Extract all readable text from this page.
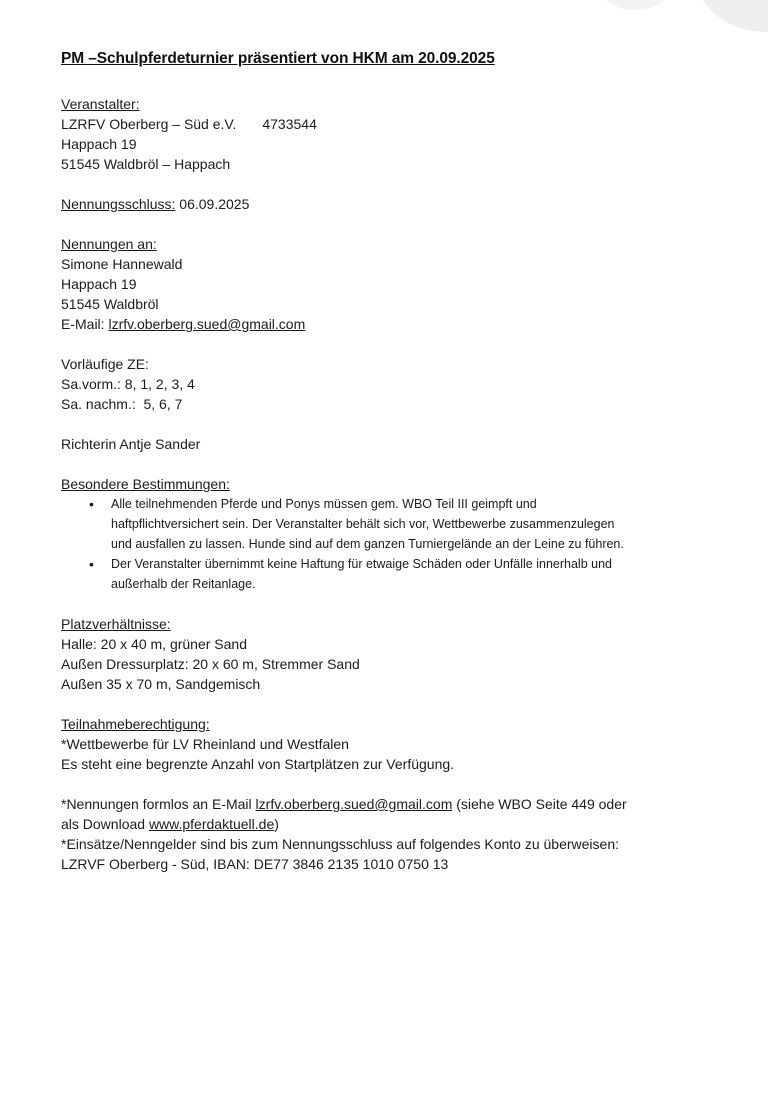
PM –Schulpferdeturnier präsentiert von HKM am 20.09.2025
Veranstalter:
LZRFV Oberberg – Süd e.V. 4733544
Happach 19
51545 Waldbröl – Happach
Nennungsschluss: 06.09.2025
Nennungen an:
Simone Hannewald
Happach 19
51545 Waldbröl
E-Mail: lzrfv.oberberg.sued@gmail.com
Vorläufige ZE:
Sa.vorm.: 8, 1, 2, 3, 4
Sa. nachm.:  5, 6, 7
Richterin Antje Sander
Besondere Bestimmungen:
• Alle teilnehmenden Pferde und Ponys müssen gem. WBO Teil III geimpft und
haftpflichtversichert sein. Der Veranstalter behält sich vor, Wettbewerbe zusammenzulegen
und ausfallen zu lassen. Hunde sind auf dem ganzen Turniergelände an der Leine zu führen.
• Der Veranstalter übernimmt keine Haftung für etwaige Schäden oder Unfälle innerhalb und
außerhalb der Reitanlage.
Platzverhältnisse:
Halle: 20 x 40 m, grüner Sand
Außen Dressurplatz: 20 x 60 m, Stremmer Sand
Außen 35 x 70 m, Sandgemisch
Teilnahmeberechtigung:
*Wettbewerbe für LV Rheinland und Westfalen
Es steht eine begrenzte Anzahl von Startplätzen zur Verfügung.
*Nennungen formlos an E-Mail lzrfv.oberberg.sued@gmail.com (siehe WBO Seite 449 oder
als Download www.pferdaktuell.de)
*Einsätze/Nenngelder sind bis zum Nennungsschluss auf folgendes Konto zu überweisen:
LZRVF Oberberg - Süd, IBAN: DE77 3846 2135 1010 0750 13
